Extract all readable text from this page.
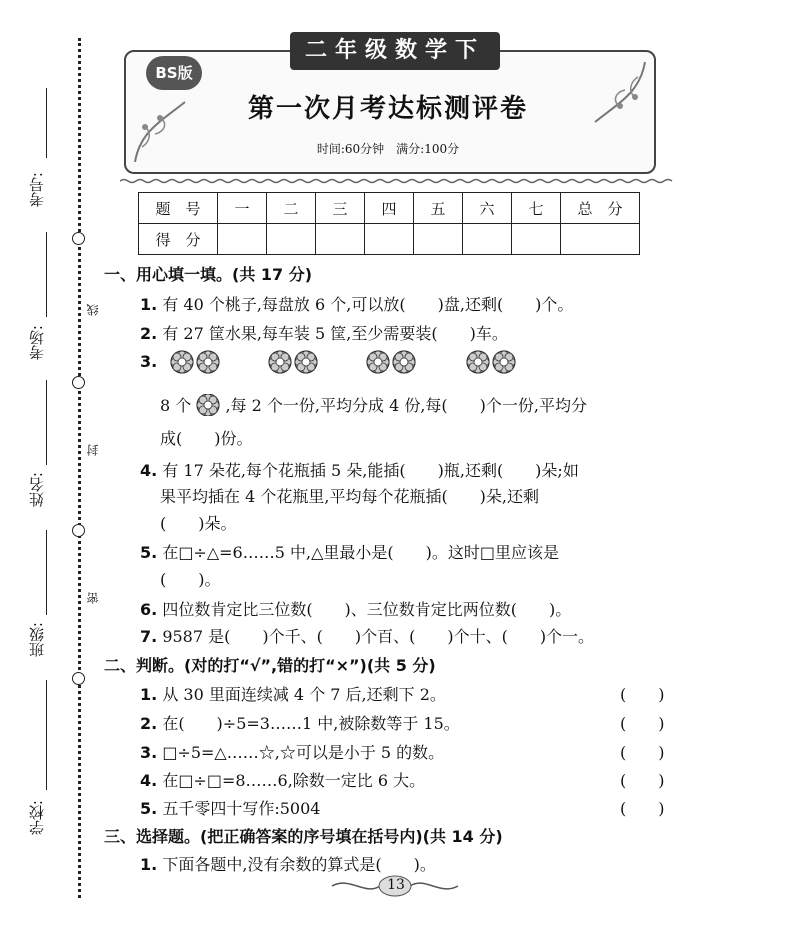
考号:
考场:
姓名:
班级:
学校:
线
封
密
二年级数学下
BS版
第一次月考达标测评卷
时间:60分钟　满分:100分
题　号	一	二	三	四	五	六	七	总　分
得　分								
一、用心填一填。(共 17 分)
1. 有 40 个桃子,每盘放 6 个,可以放(　　)盘,还剩(　　)个。
2. 有 27 筐水果,每车装 5 筐,至少需要装(　　)车。
3.
8 个 ,每 2 个一份,平均分成 4 份,每(　　)个一份,平均分
成(　　)份。
4. 有 17 朵花,每个花瓶插 5 朵,能插(　　)瓶,还剩(　　)朵;如
果平均插在 4 个花瓶里,平均每个花瓶插(　　)朵,还剩
(　　)朵。
5. 在□÷△=6……5 中,△里最小是(　　)。这时□里应该是
(　　)。
6. 四位数肯定比三位数(　　)、三位数肯定比两位数(　　)。
7. 9587 是(　　)个千、(　　)个百、(　　)个十、(　　)个一。
二、判断。(对的打“√”,错的打“×”)(共 5 分)
1. 从 30 里面连续减 4 个 7 后,还剩下 2。	(　　)
2. 在(　　)÷5=3……1 中,被除数等于 15。	(　　)
3. □÷5=△……☆,☆可以是小于 5 的数。	(　　)
4. 在□÷□=8……6,除数一定比 6 大。	(　　)
5. 五千零四十写作:5004	(　　)
三、选择题。(把正确答案的序号填在括号内)(共 14 分)
1. 下面各题中,没有余数的算式是(　　)。
13
